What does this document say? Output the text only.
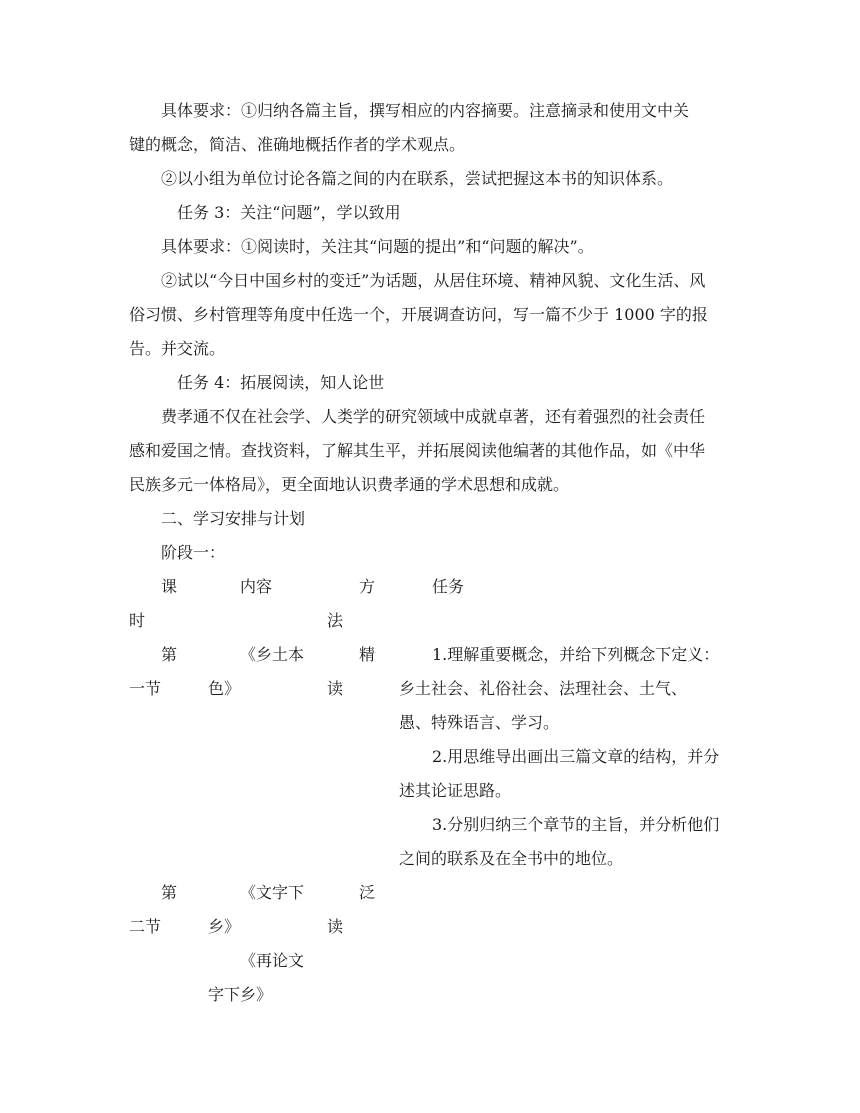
具体要求：①归纳各篇主旨，撰写相应的内容摘要。注意摘录和使用文中关
键的概念，简洁、准确地概括作者的学术观点。
②以小组为单位讨论各篇之间的内在联系，尝试把握这本书的知识体系。
任务 3：关注“问题”，学以致用
具体要求：①阅读时，关注其“问题的提出”和“问题的解决”。
②试以“今日中国乡村的变迁”为话题，从居住环境、精神风貌、文化生活、风
俗习惯、乡村管理等角度中任选一个，开展调查访问，写一篇不少于 1000 字的报
告。并交流。
任务 4：拓展阅读，知人论世
费孝通不仅在社会学、人类学的研究领域中成就卓著，还有着强烈的社会责任
感和爱国之情。查找资料，了解其生平，并拓展阅读他编著的其他作品，如《中华
民族多元一体格局》，更全面地认识费孝通的学术思想和成就。
二、学习安排与计划
阶段一：
课
时
内容	方
法
任务
第
一节
《乡土本
色》
精
读
1.理解重要概念，并给下列概念下定义：
乡土社会、礼俗社会、法理社会、土气、
愚、特殊语言、学习。
2.用思维导出画出三篇文章的结构，并分
述其论证思路。
3.分别归纳三个章节的主旨，并分析他们
之间的联系及在全书中的地位。
第
二节
《文字下
乡》
《再论文
字下乡》
泛
读
